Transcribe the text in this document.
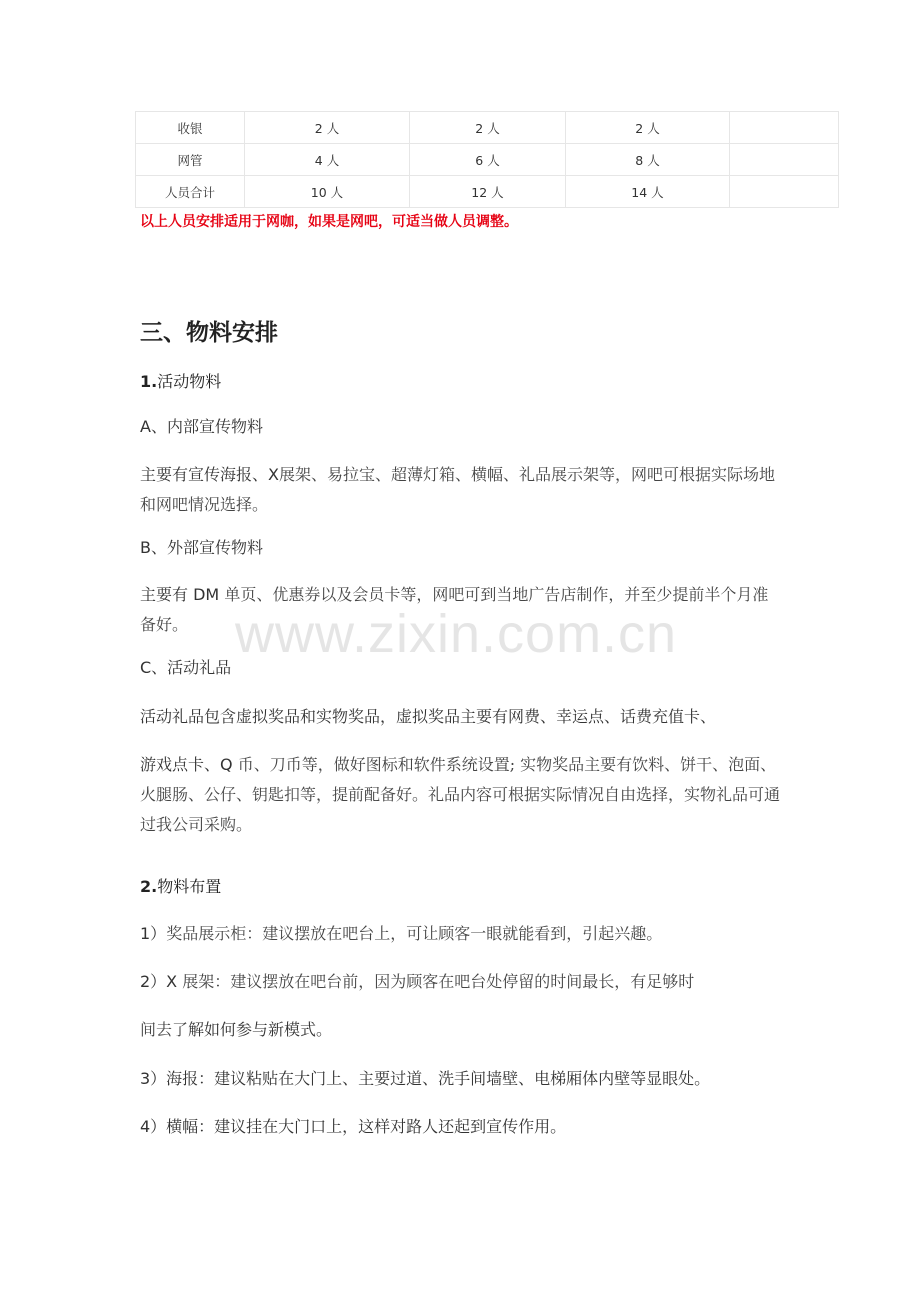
收银	2 人	2 人	2 人	
网管	4 人	6 人	8 人	
人员合计	10 人	12 人	14 人	
以上人员安排适用于网咖，如果是网吧，可适当做人员调整。
三、物料安排
1.活动物料
A、内部宣传物料
主要有宣传海报、X展架、易拉宝、超薄灯箱、横幅、礼品展示架等，网吧可根据实际场地和网吧情况选择。
B、外部宣传物料
主要有 DM 单页、优惠券以及会员卡等，网吧可到当地广告店制作，并至少提前半个月准备好。
C、活动礼品
活动礼品包含虚拟奖品和实物奖品，虚拟奖品主要有网费、幸运点、话费充值卡、
游戏点卡、Q 币、刀币等，做好图标和软件系统设置; 实物奖品主要有饮料、饼干、泡面、火腿肠、公仔、钥匙扣等，提前配备好。礼品内容可根据实际情况自由选择，实物礼品可通过我公司采购。
2.物料布置
1）奖品展示柜：建议摆放在吧台上，可让顾客一眼就能看到，引起兴趣。
2）X 展架：建议摆放在吧台前，因为顾客在吧台处停留的时间最长，有足够时
间去了解如何参与新模式。
3）海报：建议粘贴在大门上、主要过道、洗手间墙壁、电梯厢体内壁等显眼处。
4）横幅：建议挂在大门口上，这样对路人还起到宣传作用。
www.zixin.com.cn
